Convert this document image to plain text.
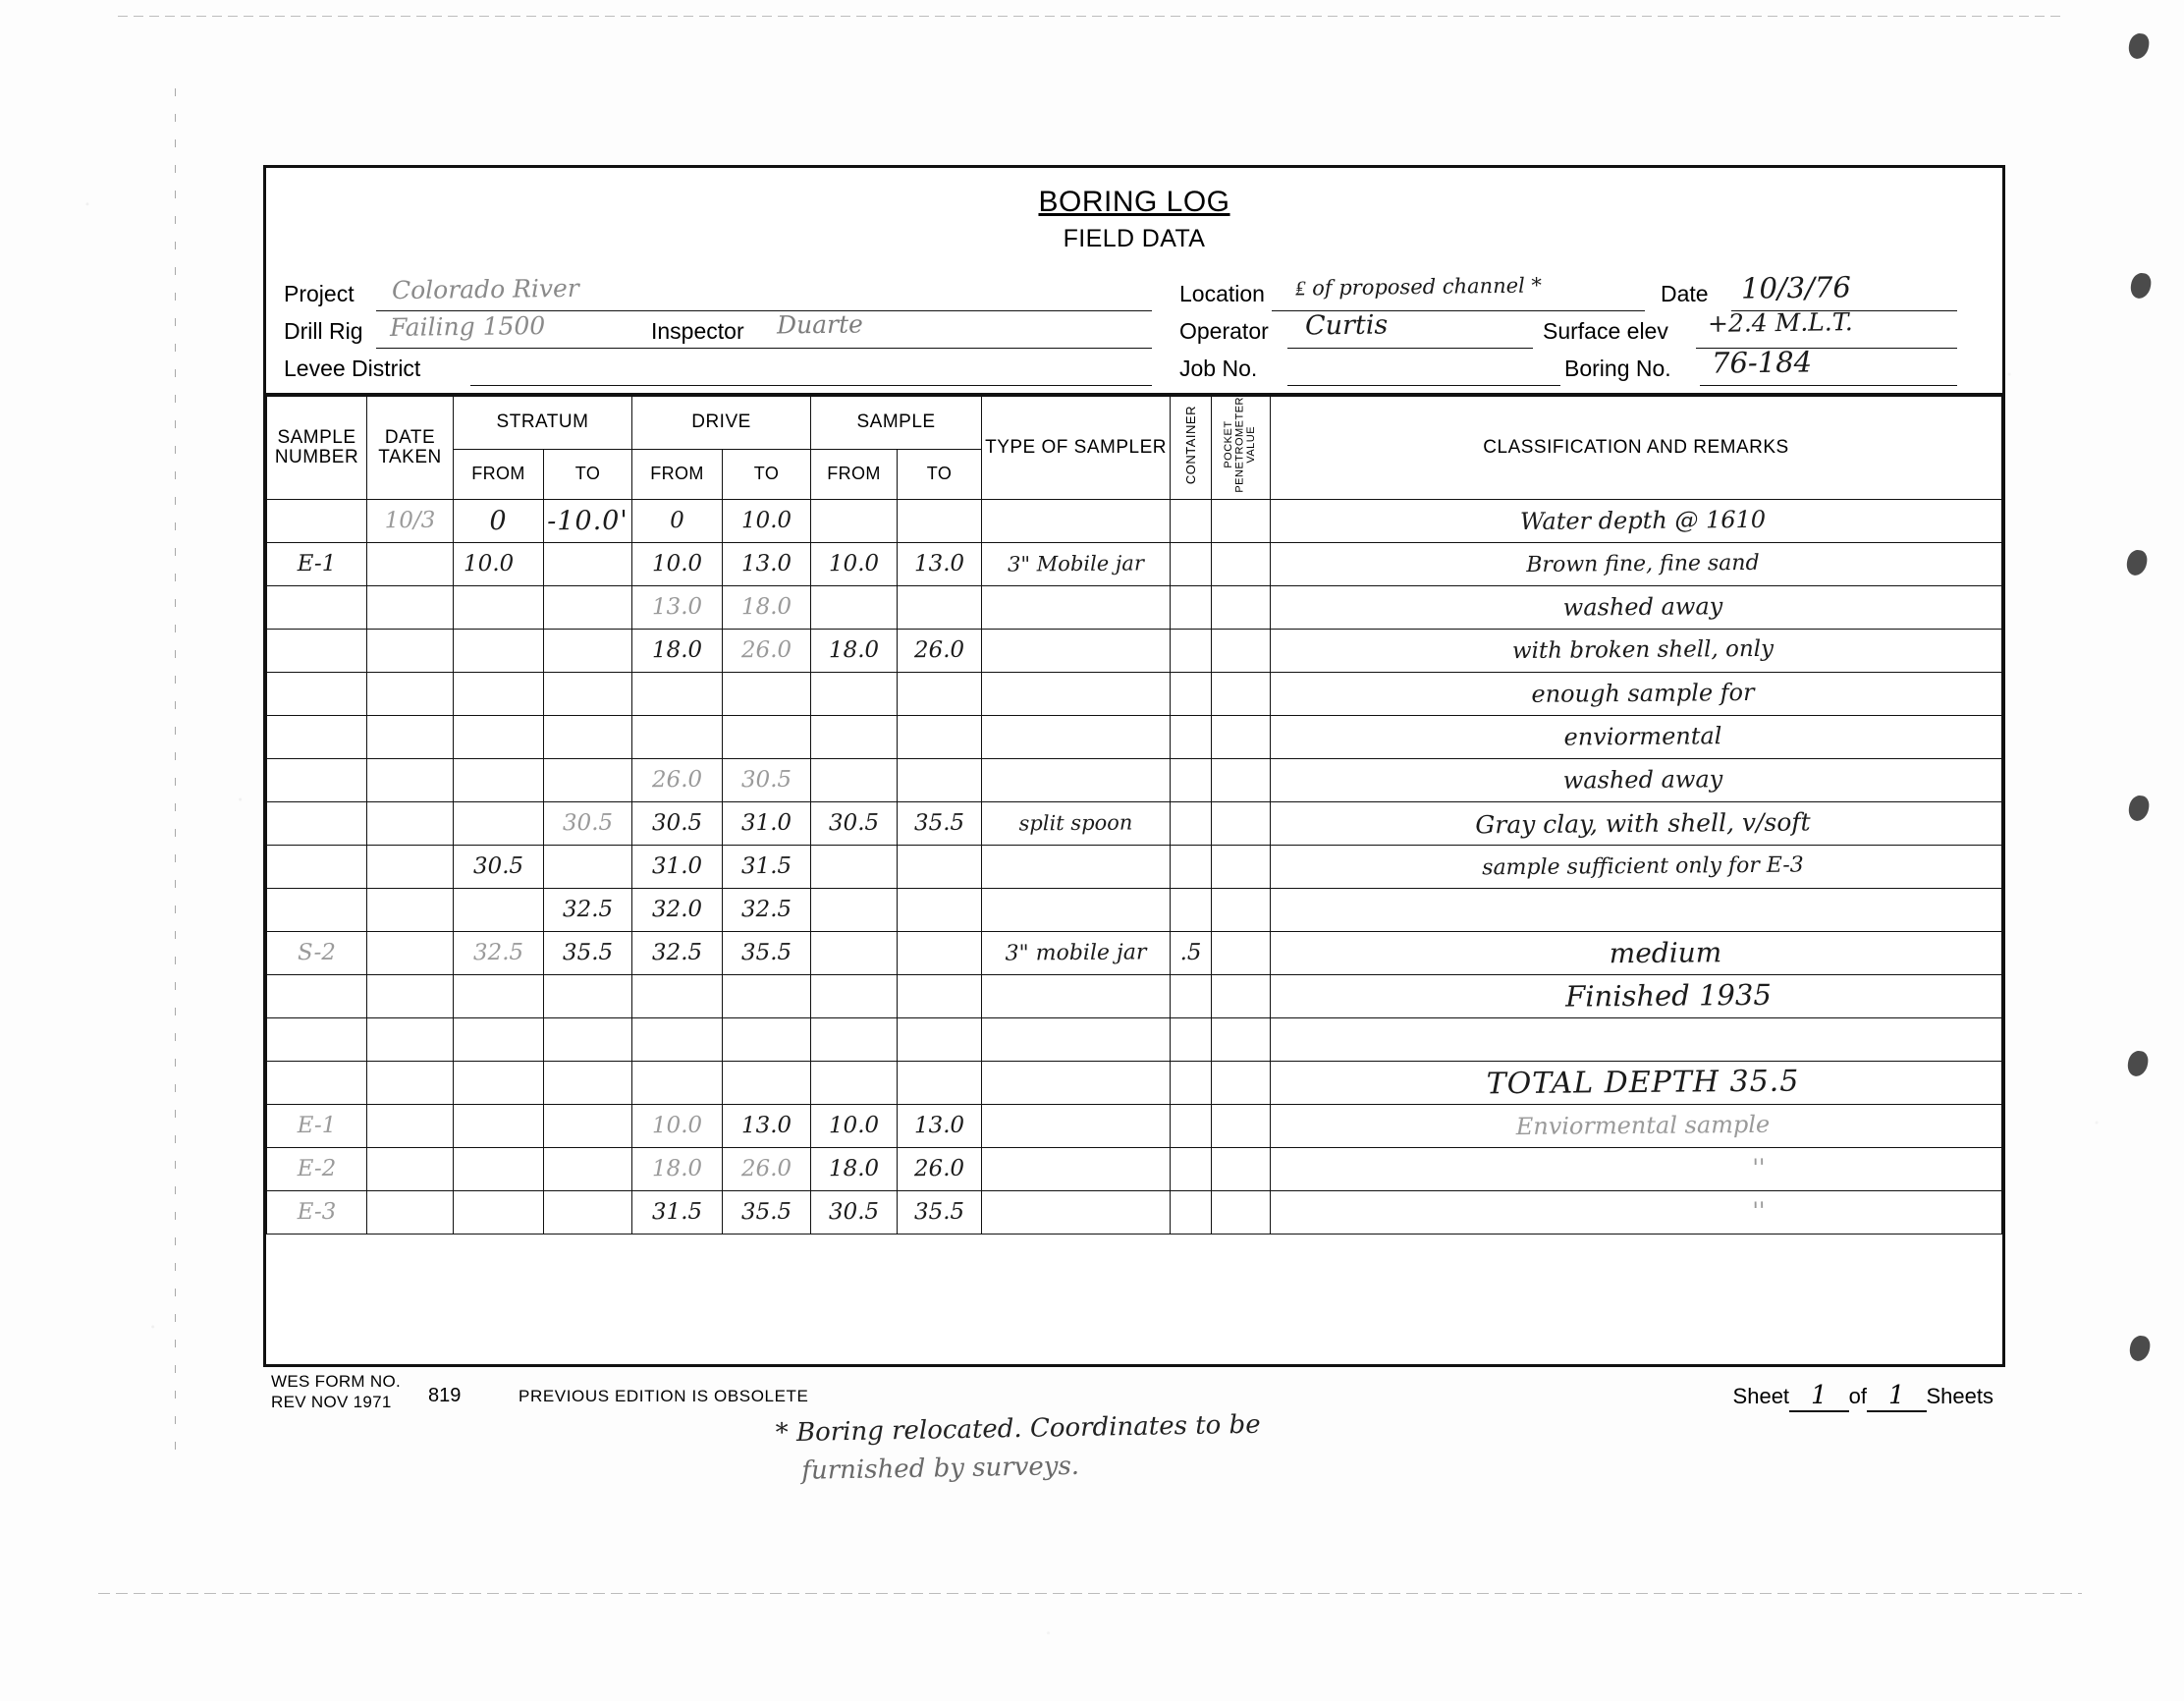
BORING LOG
FIELD DATA
Project Colorado River
Drill Rig Failing 1500	Inspector Duarte
Levee District
Location ₤ of proposed channel *	Date 10/3/76
Operator Curtis	Surface elev +2.4 M.L.T.
Job No.	Boring No. 76-184
SAMPLE NUMBER	DATE TAKEN	STRATUM		DRIVE		SAMPLE		TYPE OF SAMPLER	CONTAINER	POCKET PENETROMETER VALUE	CLASSIFICATION AND REMARKS
		FROM	TO	FROM	TO	FROM	TO				

	10/3	0	-10.0'	0	10.0						Water depth @ 1610

E-1		10.0		10.0	13.0	10.0	13.0	3" Mobile jar			Brown fine, fine sand

				13.0	18.0						washed away

				18.0	26.0	18.0	26.0				with broken shell, only

											enough sample for

											enviormental

				26.0	30.5						washed away

			30.5	30.5	31.0	30.5	35.5	split spoon			Gray clay, with shell, v/soft

		30.5		31.0	31.5						sample sufficient only for E-3

			32.5	32.0	32.5						

S-2		32.5	35.5	32.5	35.5			3" mobile jar	.5		medium

											Finished 1935

											TOTAL DEPTH 35.5

E-1				10.0	13.0	10.0	13.0				Enviormental sample

E-2				18.0	26.0	18.0	26.0				''

E-3				31.5	35.5	30.5	35.5				''
WES FORM NO.
REV NOV 1971	819	PREVIOUS EDITION IS OBSOLETE	Sheet 1 of 1 Sheets
* Boring relocated. Coordinates to be
furnished by surveys.
